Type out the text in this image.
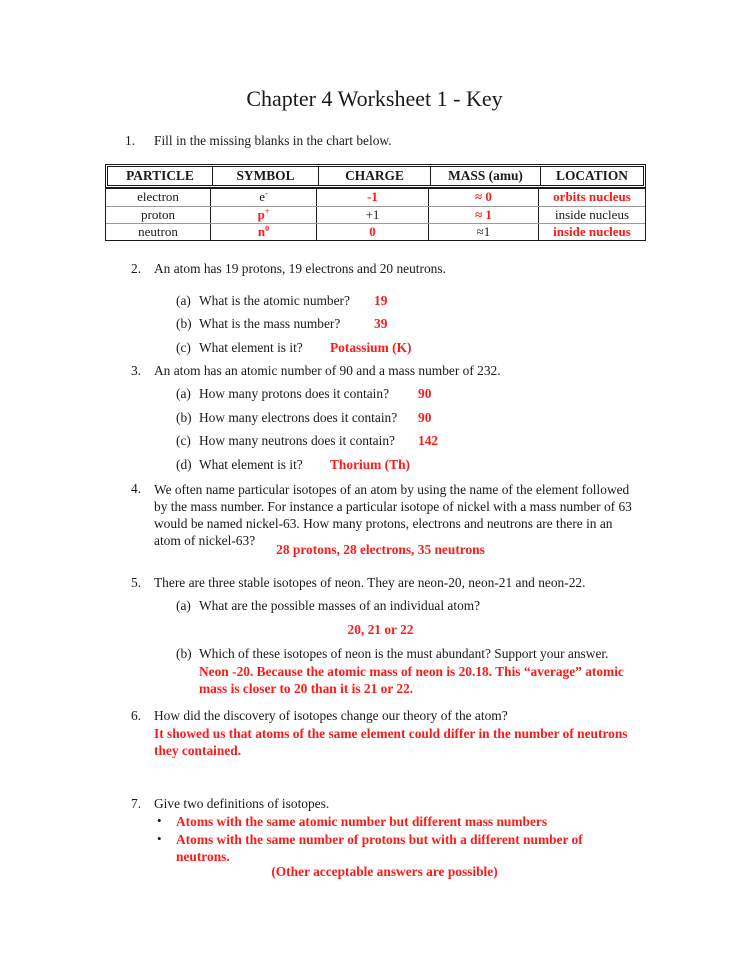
Chapter 4 Worksheet 1 - Key
1. Fill in the missing blanks in the chart below.
PARTICLE	SYMBOL	CHARGE	MASS (amu)	LOCATION
electron	e-	-1	≈ 0	orbits nucleus
proton	p+	+1	≈ 1	inside nucleus
neutron	$n^0$	0	≈1	inside nucleus
2. An atom has 19 protons, 19 electrons and 20 neutrons.
(a) What is the atomic number? 19
(b) What is the mass number?	39
(c) What element is it? Potassium (K)
3. An atom has an atomic number of 90 and a mass number of 232.
(a) How many protons does it contain? 90
(b) How many electrons does it contain? 90
(c) How many neutrons does it contain? 142
(d) What element is it? Thorium (Th)
4. We often name particular isotopes of an atom by using the name of the element followed
by the mass number. For instance a particular isotope of nickel with a mass number of 63
would be named nickel-63. How many protons, electrons and neutrons are there in an
atom of nickel-63?
28 protons, 28 electrons, 35 neutrons
5. There are three stable isotopes of neon. They are neon-20, neon-21 and neon-22.
(a) What are the possible masses of an individual atom?
20, 21 or 22
(b) Which of these isotopes of neon is the must abundant? Support your answer.
Neon -20. Because the atomic mass of neon is 20.18. This “average” atomic
mass is closer to 20 than it is 21 or 22.
6. How did the discovery of isotopes change our theory of the atom?
It showed us that atoms of the same element could differ in the number of neutrons
they contained.
7. Give two definitions of isotopes.
• Atoms with the same atomic number but different mass numbers
• Atoms with the same number of protons but with a different number of
neutrons.
(Other acceptable answers are possible)
